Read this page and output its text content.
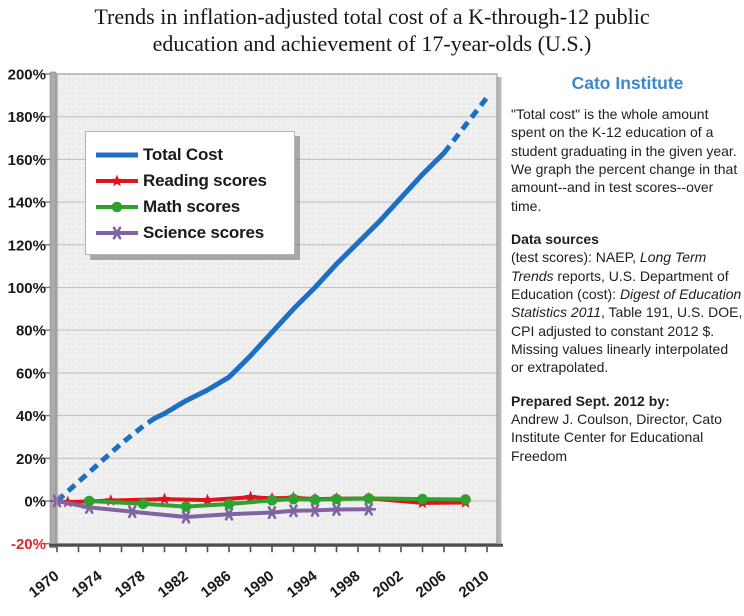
Trends in inflation-adjusted total cost of a K-through-12 public
education and achievement of 17-year-olds (U.S.)
-20%
0%
20%
40%
60%
80%
100%
120%
140%
160%
180%
200%
1970 1974 1978 1982 1986 1990 1994 1998 2002 2006 2010
Total Cost
Reading scores
Math scores
Science scores
Cato Institute

"Total cost" is the whole amount spent on the K-12 education of a student graduating in the given year. We graph the percent change in that amount--and in test scores--over time.

Data sources

(test scores): NAEP, Long Term Trends reports, U.S. Department of Education (cost): Digest of Education Statistics 2011, Table 191, U.S. DOE, CPI adjusted to constant 2012 $. Missing values linearly interpolated or extrapolated.

Prepared Sept. 2012 by:

Andrew J. Coulson, Director, Cato Institute Center for Educational Freedom
